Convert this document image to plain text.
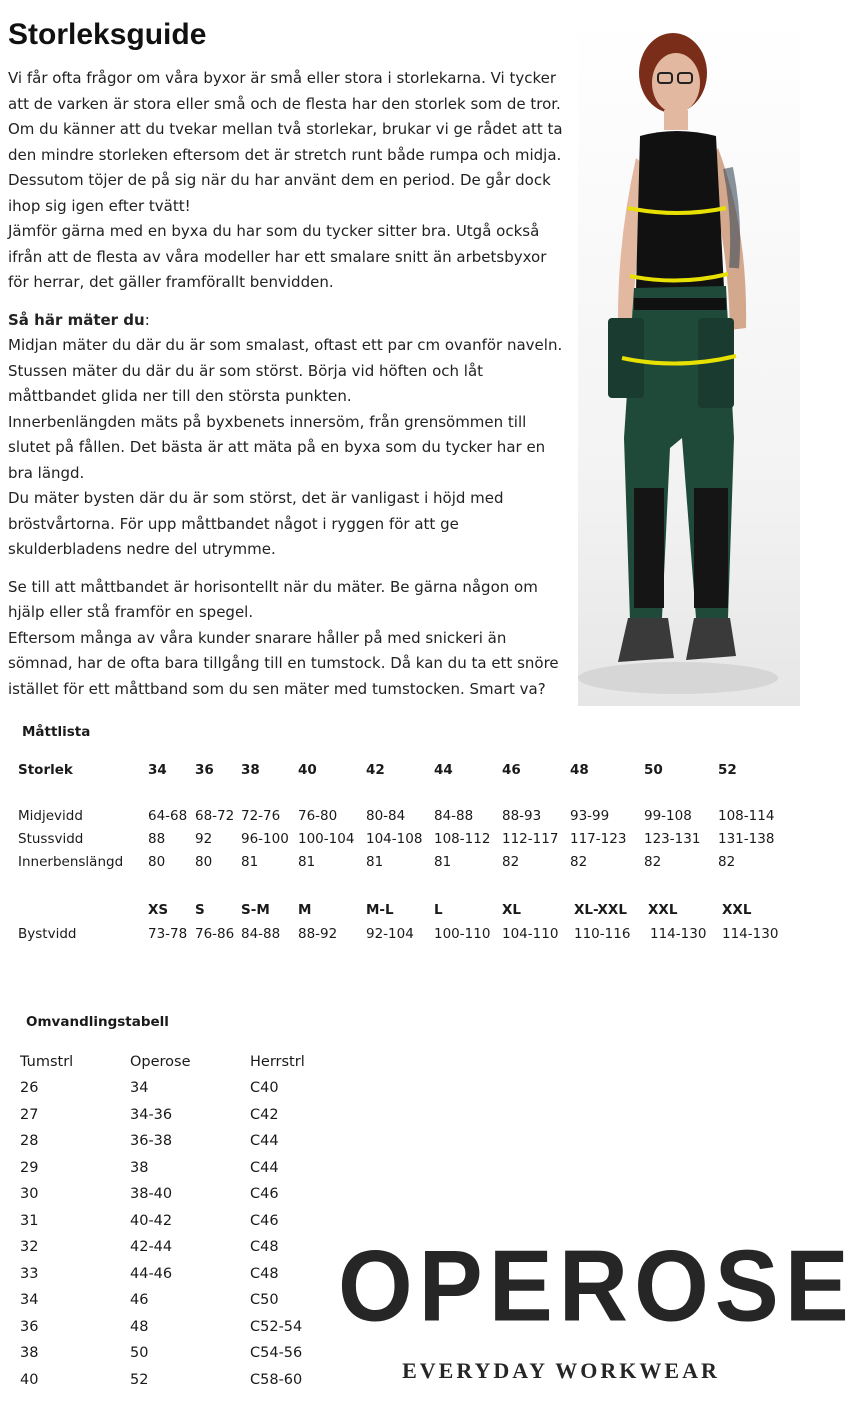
Storleksguide

Vi får ofta frågor om våra byxor är små eller stora i storlekarna. Vi tycker att de varken är stora eller små och de flesta har den storlek som de tror. Om du känner att du tvekar mellan två storlekar, brukar vi ge rådet att ta den mindre storleken eftersom det är stretch runt både rumpa och midja. Dessutom töjer de på sig när du har använt dem en period. De går dock ihop sig igen efter tvätt!

Jämför gärna med en byxa du har som du tycker sitter bra. Utgå också ifrån att de flesta av våra modeller har ett smalare snitt än arbetsbyxor för herrar, det gäller framförallt benvidden.

Så här mäter du:

Midjan mäter du där du är som smalast, oftast ett par cm ovanför naveln.

Stussen mäter du där du är som störst. Börja vid höften och låt måttbandet glida ner till den största punkten.

Innerbenlängden mäts på byxbenets innersöm, från grensömmen till slutet på fållen. Det bästa är att mäta på en byxa som du tycker har en bra längd.

Du mäter bysten där du är som störst, det är vanligast i höjd med bröstvårtorna. För upp måttbandet något i ryggen för att ge skulderbladens nedre del utrymme.

Se till att måttbandet är horisontellt när du mäter. Be gärna någon om hjälp eller stå framför en spegel.

Eftersom många av våra kunder snarare håller på med snickeri än sömnad, har de ofta bara tillgång till en tumstock. Då kan du ta ett snöre istället för ett måttband som du sen mäter med tumstocken. Smart va?

Måttlista
Storlek	34 36 38	40	42	44	46	48	50	52
Midjevidd	64-68 68-72 72-76 76-80 80-84 84-88 88-93 93-99	99-108 108-114
Stussvidd	88 92 96-100 100-104 104-108 108-112 112-117 117-123 123-131 131-138
Innerbenslängd 80 80 81	81	81	81	82	82	82	82
XS S	S-M M	M-L	L	XL	XL-XXL XXL	XXL
Bystvidd	73-78 76-86 84-88 88-92 92-104 100-110 104-110 110-116 114-130 114-130
Omvandlingstabell
Tumstrl	Operose	Herrstrl
26	34	C40
27	34-36	C42
28	36-38	C44
29	38	C44
30	38-40	C46
31	40-42	C46
32	42-44	C48
33	44-46	C48
34	46	C50
36	48	C52-54
38	50	C54-56
40	52	C58-60
OPEROSE
EVERYDAY WORKWEAR
